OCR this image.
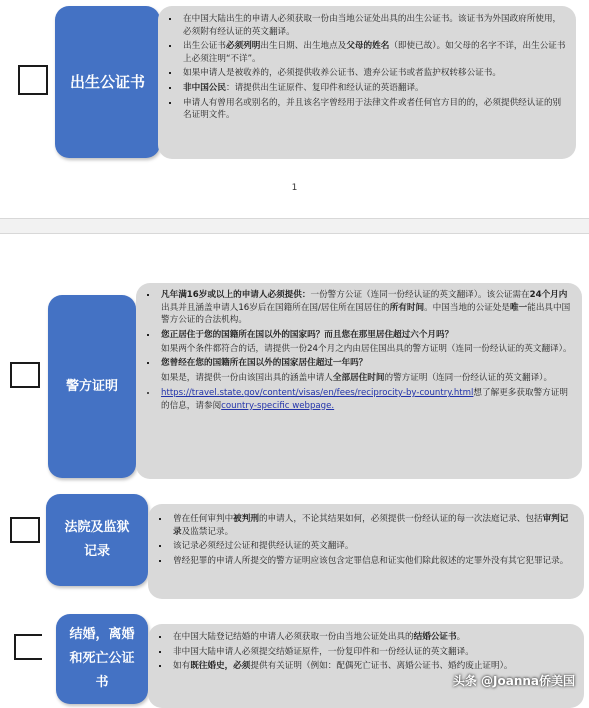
出生公证书
▪ 在中国大陆出生的申请人必须获取一份由当地公证处出具的出生公证书。该证书为外国政府所使用，必须附有经认证的英文翻译。
▪ 出生公证书必须列明出生日期、出生地点及父母的姓名（即使已故）。如父母的名字不详，出生公证书上必须注明“不详”。
▪ 如果申请人是被收养的，必须提供收养公证书、遗弃公证书或者监护权转移公证书。
▪ 非中国公民：请提供出生证原件、复印件和经认证的英语翻译。
▪ 申请人有曾用名或别名的，并且该名字曾经用于法律文件或者任何官方目的的，必须提供经认证的别名证明文件。
1
警方证明
▪ 凡年满16岁或以上的申请人必须提供：一份警方公证（连同一份经认证的英文翻译）。该公证需在24个月内出具并且涵盖申请人16岁后在国籍所在国/居住所在国居住的所有时间。中国当地的公证处是唯一能出具中国警方公证的合法机构。
▪ 您正居住于您的国籍所在国以外的国家吗？而且您在那里居住超过六个月吗？
如果两个条件都符合的话，请提供一份24个月之内由居住国出具的警方证明（连同一份经认证的英文翻译）。
▪ 您曾经在您的国籍所在国以外的国家居住超过一年吗？
如果是，请提供一份由该国出具的涵盖申请人全部居住时间的警方证明（连同一份经认证的英文翻译）。
• https://travel.state.gov/content/visas/en/fees/reciprocity-by-country.html想了解更多获取警方证明的信息，请参阅country-specific webpage.
法院及监狱记录
▪ 曾在任何审判中被判刑的申请人，不论其结果如何，必须提供一份经认证的每一次法庭记录、包括审判记录及监禁记录。
▪ 该记录必须经过公证和提供经认证的英文翻译。
▪ 曾经犯罪的申请人所提交的警方证明应该包含定罪信息和证实他们除此叙述的定罪外没有其它犯罪记录。
结婚，离婚和死亡公证书
▪ 在中国大陆登记结婚的申请人必须获取一份由当地公证处出具的结婚公证书。
▪ 非中国大陆申请人必须提交结婚证原件，一份复印件和一份经认证的英文翻译。
▪ 如有既往婚史，必须提供有关证明（例如：配偶死亡证书、离婚公证书、婚约废止证明）。
头条 @Joanna侨美国
